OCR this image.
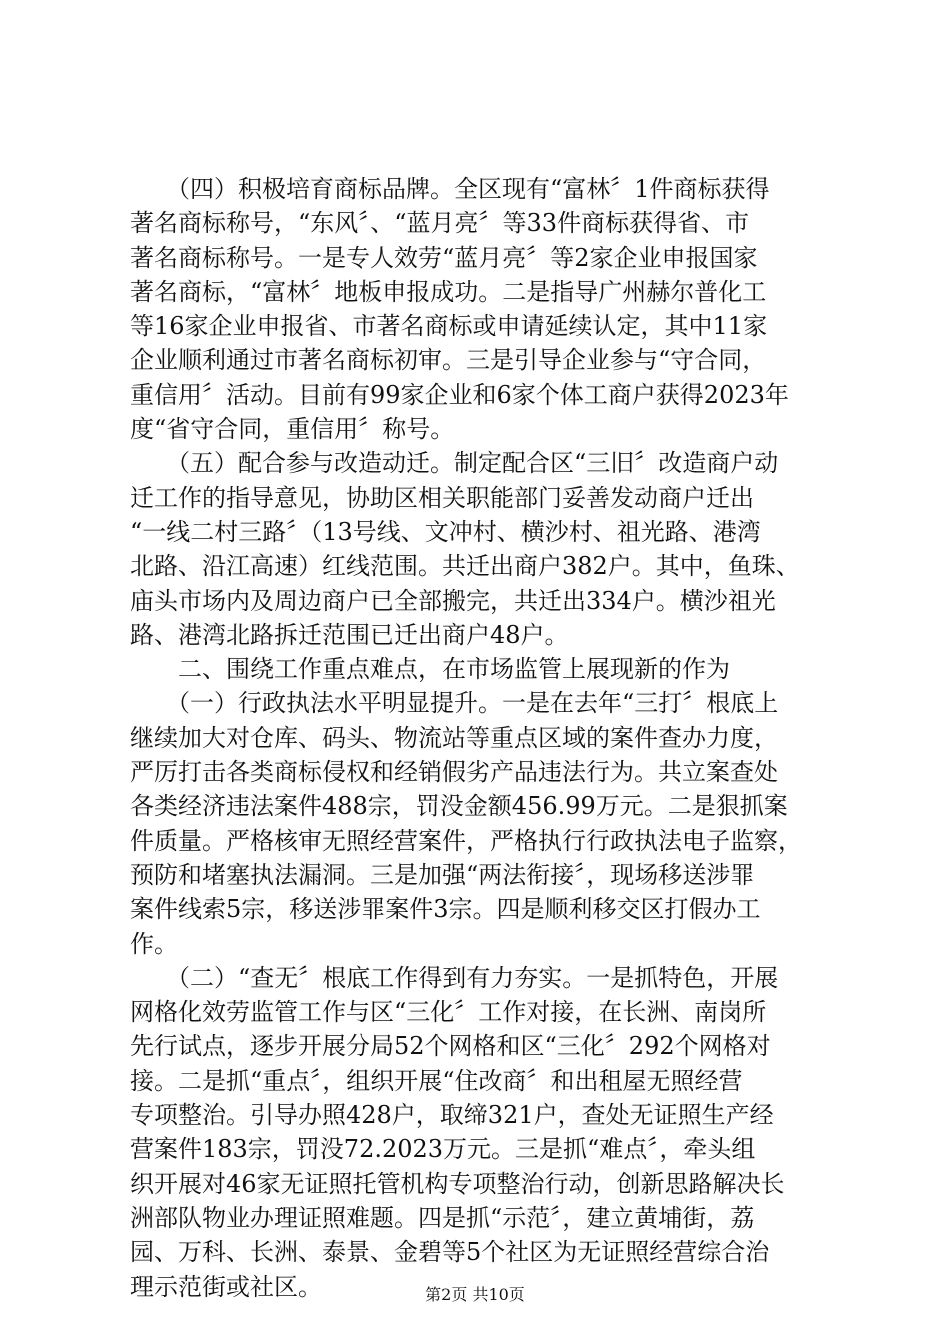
　　（四）积极培育商标品牌。全区现有“富林〞1件商标获得
著名商标称号，“东风〞、“蓝月亮〞等33件商标获得省、市
著名商标称号。一是专人效劳“蓝月亮〞等2家企业申报国家
著名商标，“富林〞地板申报成功。二是指导广州赫尔普化工
等16家企业申报省、市著名商标或申请延续认定，其中11家
企业顺利通过市著名商标初审。三是引导企业参与“守合同，
重信用〞活动。目前有99家企业和6家个体工商户获得2023年
度“省守合同，重信用〞称号。
　　（五）配合参与改造动迁。制定配合区“三旧〞改造商户动
迁工作的指导意见，协助区相关职能部门妥善发动商户迁出
“一线二村三路〞（13号线、文冲村、横沙村、祖光路、港湾
北路、沿江高速）红线范围。共迁出商户382户。其中，鱼珠、
庙头市场内及周边商户已全部搬完，共迁出334户。横沙祖光
路、港湾北路拆迁范围已迁出商户48户。
　　二、围绕工作重点难点，在市场监管上展现新的作为
　　（一）行政执法水平明显提升。一是在去年“三打〞根底上
继续加大对仓库、码头、物流站等重点区域的案件查办力度，
严厉打击各类商标侵权和经销假劣产品违法行为。共立案查处
各类经济违法案件488宗，罚没金额456.99万元。二是狠抓案
件质量。严格核审无照经营案件，严格执行行政执法电子监察，
预防和堵塞执法漏洞。三是加强“两法衔接〞，现场移送涉罪
案件线索5宗，移送涉罪案件3宗。四是顺利移交区打假办工
作。
　　（二）“查无〞根底工作得到有力夯实。一是抓特色，开展
网格化效劳监管工作与区“三化〞工作对接，在长洲、南岗所
先行试点，逐步开展分局52个网格和区“三化〞292个网格对
接。二是抓“重点〞，组织开展“住改商〞和出租屋无照经营
专项整治。引导办照428户，取缔321户，查处无证照生产经
营案件183宗，罚没72.2023万元。三是抓“难点〞，牵头组
织开展对46家无证照托管机构专项整治行动，创新思路解决长
洲部队物业办理证照难题。四是抓“示范〞，建立黄埔街，荔
园、万科、长洲、泰景、金碧等5个社区为无证照经营综合治
理示范街或社区。	第2页 共10页
